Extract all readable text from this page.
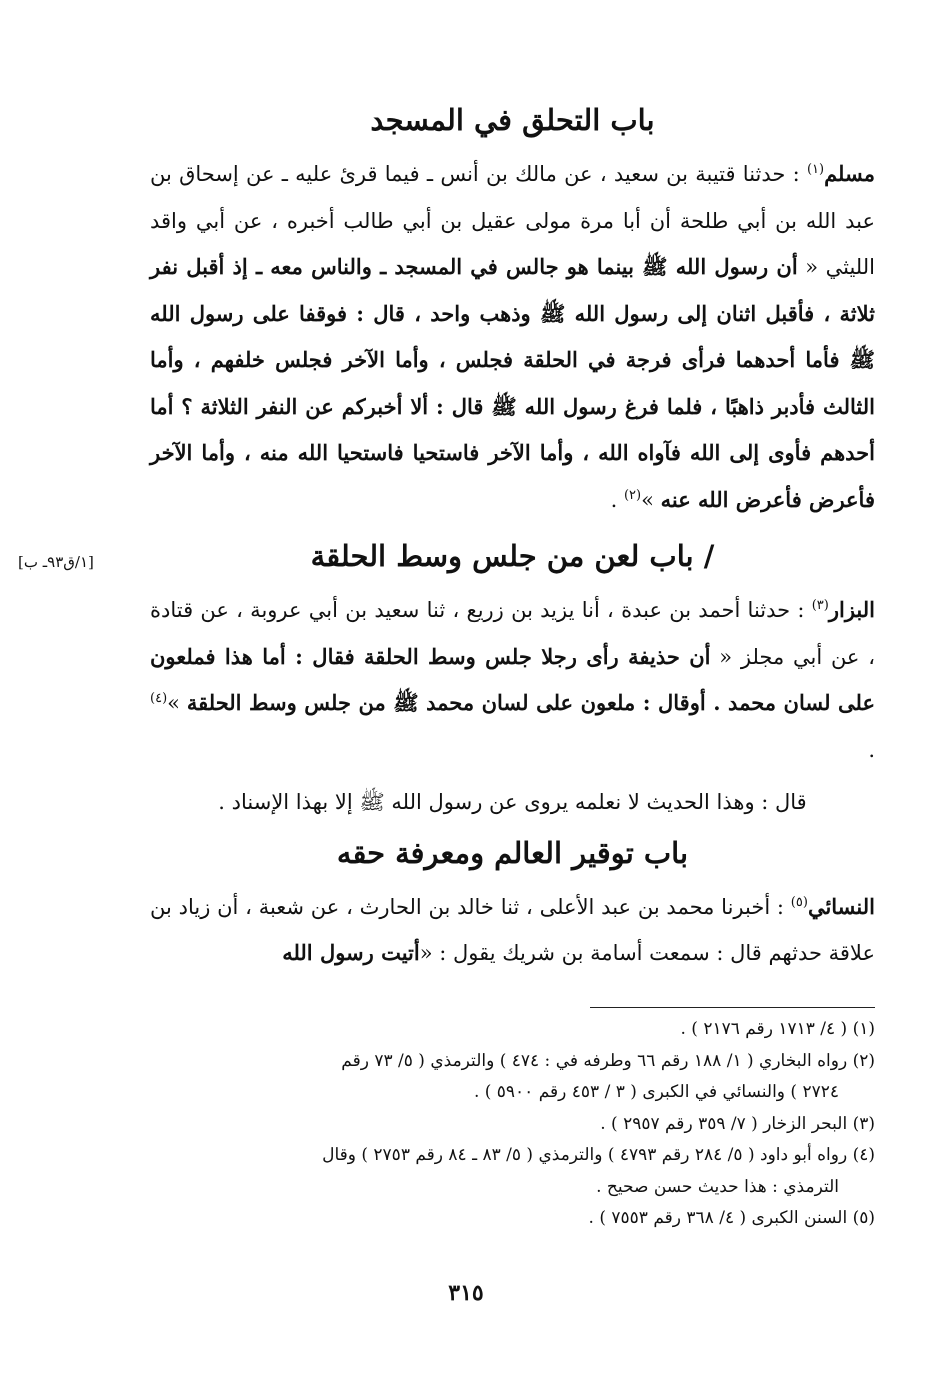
باب التحلق في المسجد

مسلم$^{(١)}$ : حدثنا قتيبة بن سعيد ، عن مالك بن أنس ـ فيما قرئ عليه ـ عن إسحاق بن عبد الله بن أبي طلحة أن أبا مرة مولى عقيل بن أبي طالب أخبره ، عن أبي واقد الليثي « أن رسول الله ﷺ بينما هو جالس في المسجد ـ والناس معه ـ إذ أقبل نفر ثلاثة ، فأقبل اثنان إلى رسول الله ﷺ وذهب واحد ، قال : فوقفا على رسول الله ﷺ فأما أحدهما فرأى فرجة في الحلقة فجلس ، وأما الآخر فجلس خلفهم ، وأما الثالث فأدبر ذاهبًا ، فلما فرغ رسول الله ﷺ قال : ألا أخبركم عن النفر الثلاثة ؟ أما أحدهم فأوى إلى الله فآواه الله ، وأما الآخر فاستحيا فاستحيا الله منه ، وأما الآخر فأعرض فأعرض الله عنه »$^{(٢)}$ .

/ باب لعن من جلس وسط الحلقة

البزار$^{(٣)}$ : حدثنا أحمد بن عبدة ، أنا يزيد بن زريع ، ثنا سعيد بن أبي عروبة ، عن قتادة ، عن أبي مجلز « أن حذيفة رأى رجلا جلس وسط الحلقة فقال : أما هذا فملعون على لسان محمد . أوقال : ملعون على لسان محمد ﷺ من جلس وسط الحلقة »$^{(٤)}$ .

قال : وهذا الحديث لا نعلمه يروى عن رسول الله ﷺ إلا بهذا الإسناد .

باب توقير العالم ومعرفة حقه

النسائي$^{(٥)}$ : أخبرنا محمد بن عبد الأعلى ، ثنا خالد بن الحارث ، عن شعبة ، أن زياد بن علاقة حدثهم قال : سمعت أسامة بن شريك يقول : «أتيت رسول الله

[١/ق٩٣ـ ب]

(١) ( ٤/ ١٧١٣ رقم ٢١٧٦ ) .

(٢) رواه البخاري ( ١/ ١٨٨ رقم ٦٦ وطرفه في : ٤٧٤ ) والترمذي ( ٥/ ٧٣ رقم
٢٧٢٤ ) والنسائي في الكبرى ( ٣ / ٤٥٣ رقم ٥٩٠٠ ) .

(٣) البحر الزخار ( ٧/ ٣٥٩ رقم ٢٩٥٧ ) .

(٤) رواه أبو داود ( ٥/ ٢٨٤ رقم ٤٧٩٣ ) والترمذي ( ٥/ ٨٣ ـ ٨٤ رقم ٢٧٥٣ ) وقال
الترمذي : هذا حديث حسن صحيح .

(٥) السنن الكبرى ( ٤/ ٣٦٨ رقم ٧٥٥٣ ) .

٣١٥
